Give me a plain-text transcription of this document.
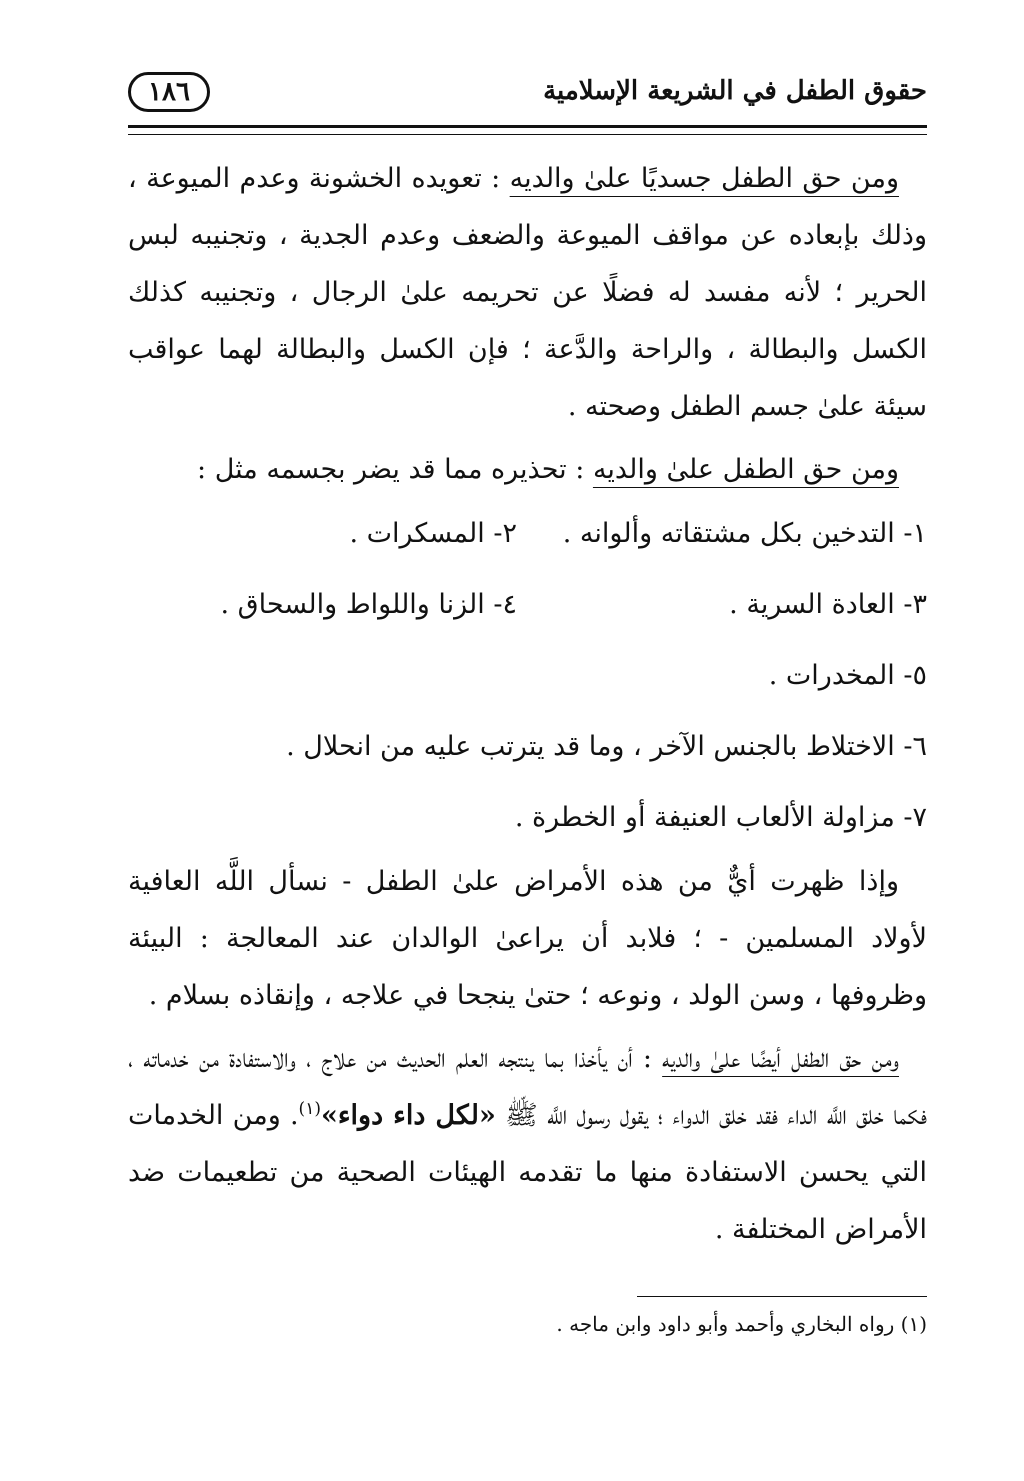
١٨٦	حقوق الطفل في الشريعة الإسلامية

ومن حق الطفل جسديًا علىٰ والديه : تعويده الخشونة وعدم الميوعة ، وذلك بإبعاده عن مواقف الميوعة والضعف وعدم الجدية ، وتجنيبه لبس الحرير ؛ لأنه مفسد له فضلًا عن تحريمه علىٰ الرجال ، وتجنيبه كذلك الكسل والبطالة ، والراحة والدَّعة ؛ فإن الكسل والبطالة لهما عواقب سيئة علىٰ جسم الطفل وصحته .

ومن حق الطفل علىٰ والديه : تحذيره مما قد يضر بجسمه مثل :

١- التدخين بكل مشتقاته وألوانه .
٢- المسكرات .
٣- العادة السرية .
٤- الزنا واللواط والسحاق .
٥- المخدرات .
٦- الاختلاط بالجنس الآخر ، وما قد يترتب عليه من انحلال .
٧- مزاولة الألعاب العنيفة أو الخطرة .

وإذا ظهرت أيٌّ من هذه الأمراض علىٰ الطفل - نسأل اللَّه العافية لأولاد المسلمين - ؛ فلابد أن يراعىٰ الوالدان عند المعالجة : البيئة وظروفها ، وسن الولد ، ونوعه ؛ حتىٰ ينجحا في علاجه ، وإنقاذه بسلام .

ومن حق الطفل أيضًا علىٰ والديه : أن يأخذا بما ينتجه العلم الحديث من علاج ، والاستفادة من خدماته ، فكما خلق اللَّه الداء فقد خلق الدواء ؛ يقول رسول اللَّه ﷺ «لكل داء دواء»$^{(١)}$. ومن الخدمات التي يحسن الاستفادة منها ما تقدمه الهيئات الصحية من تطعيمات ضد الأمراض المختلفة .

(١) رواه البخاري وأحمد وأبو داود وابن ماجه .
